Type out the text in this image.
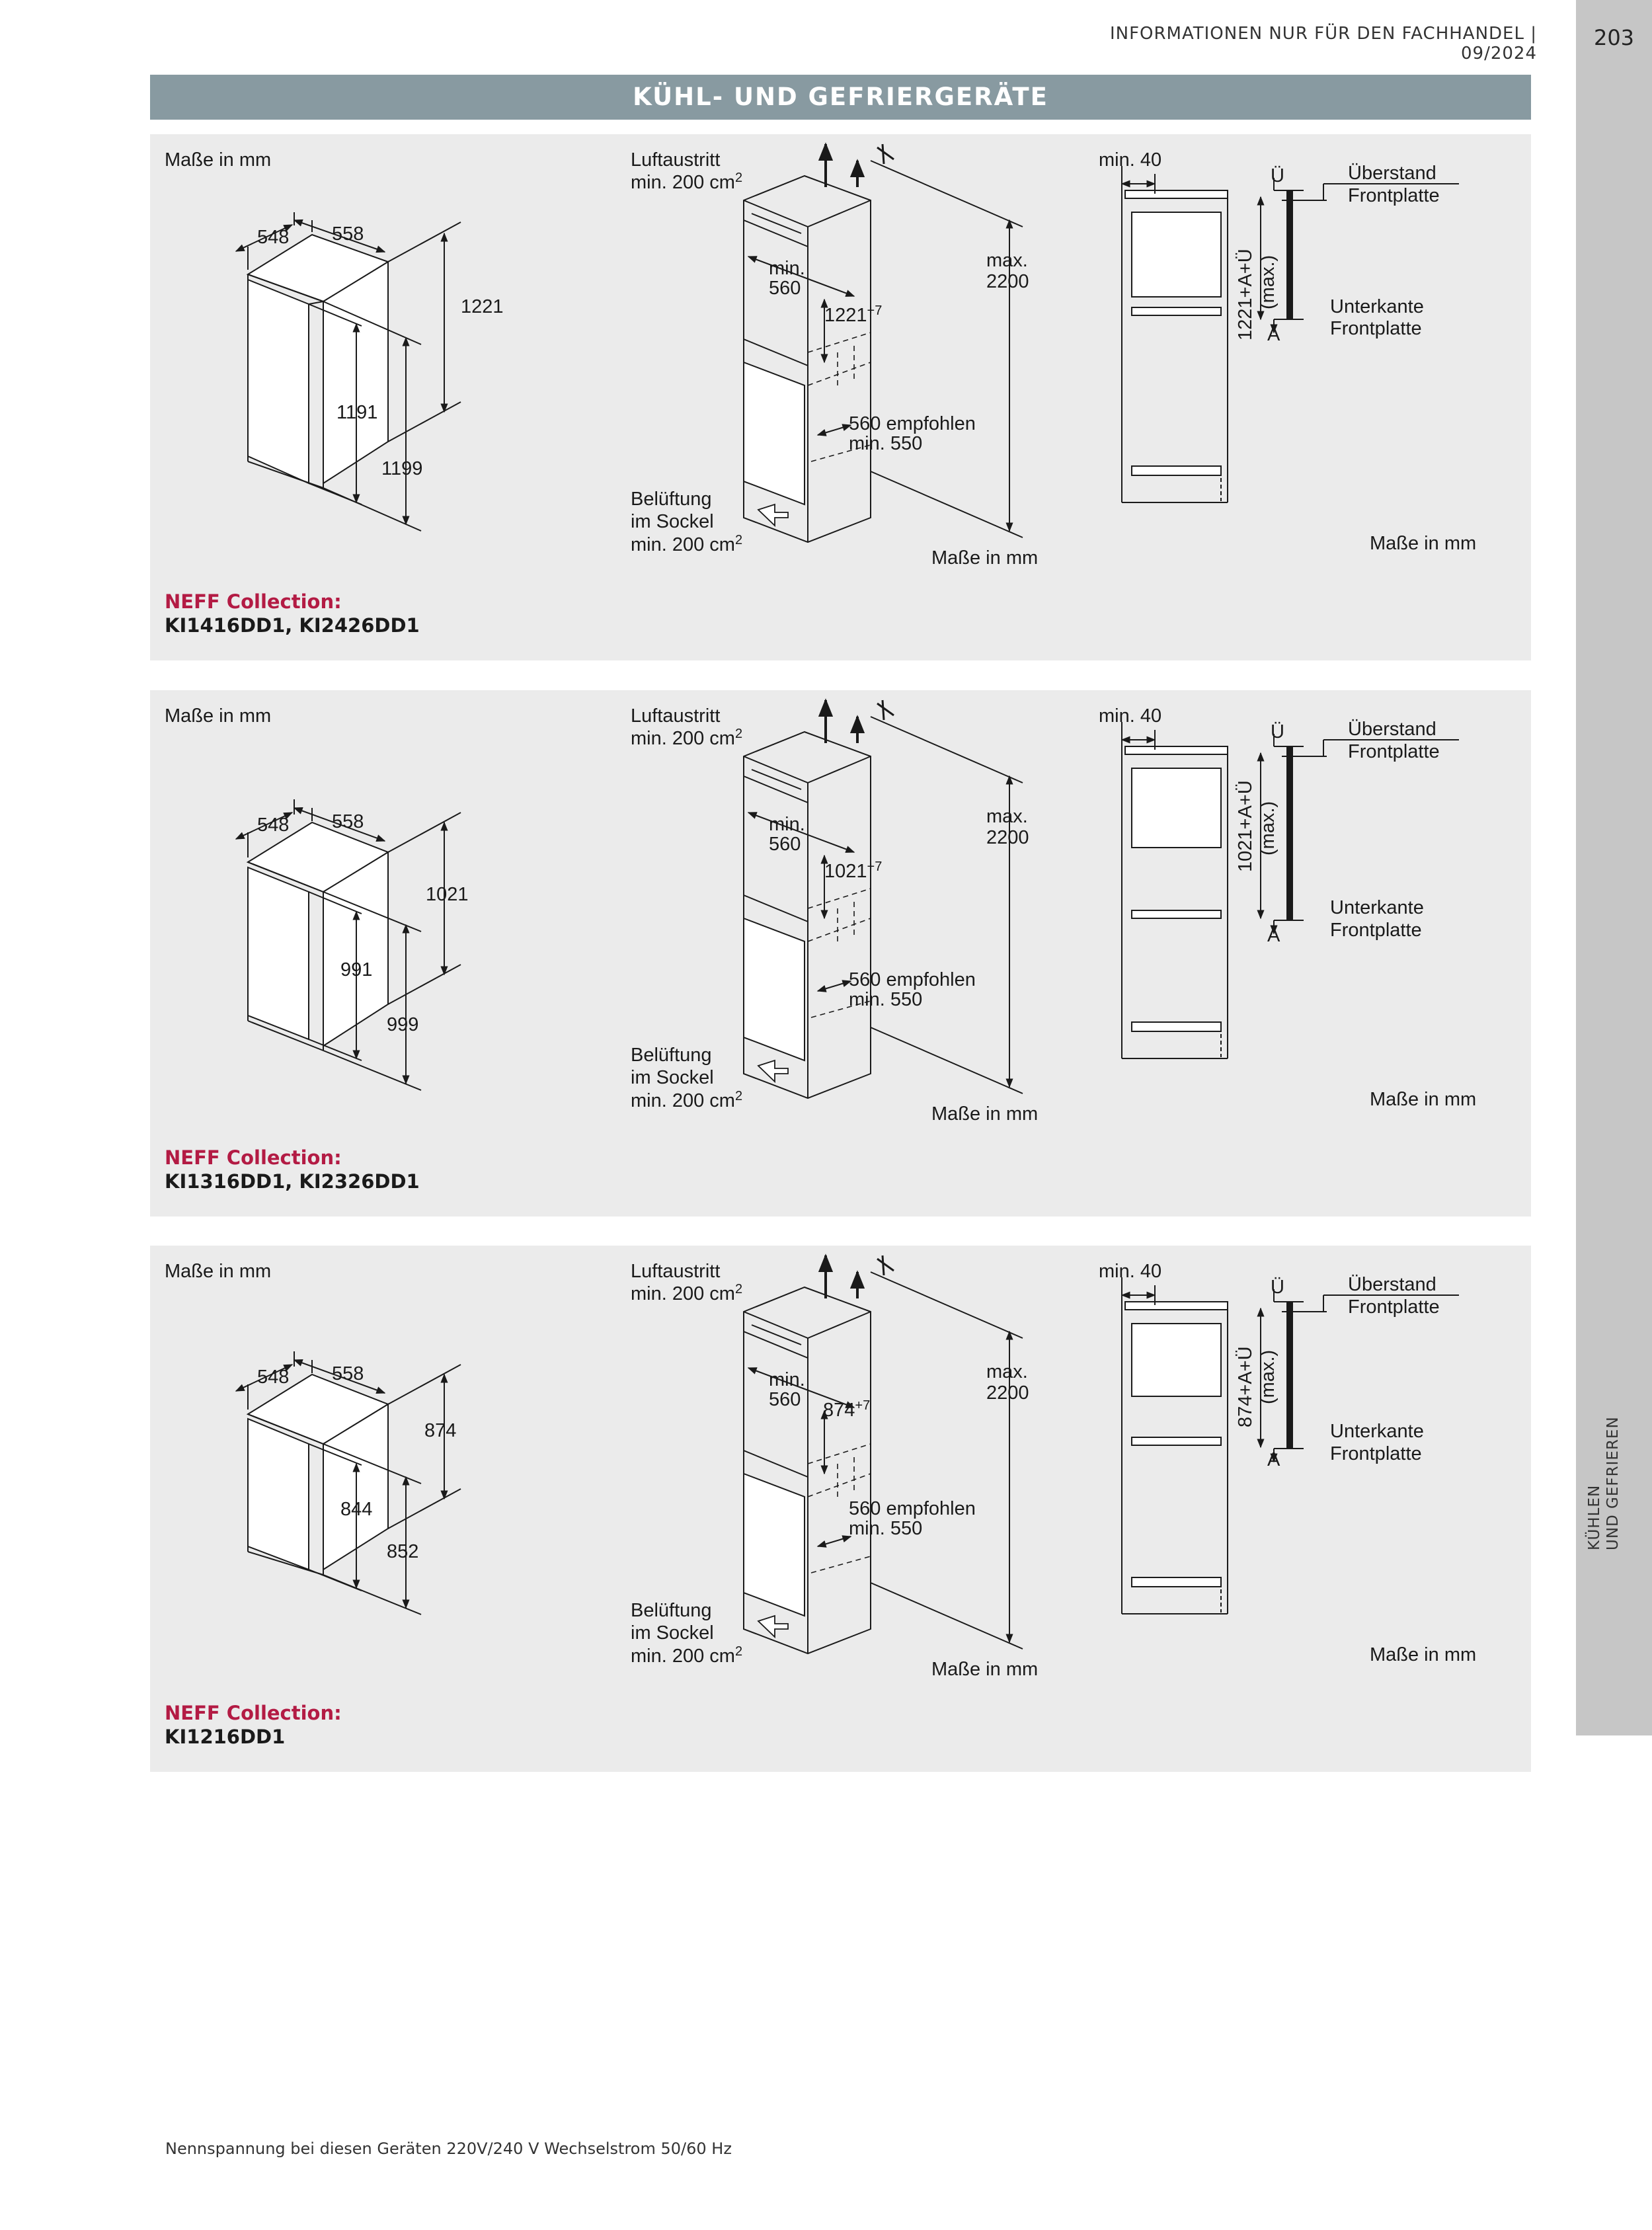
INFORMATIONEN NUR FÜR DEN FACHHANDEL | 09/2024
203
KÜHLEN UND GEFRIEREN
KÜHL- UND GEFRIERGERÄTE
Maße in mm
548 558
1221
1191
1199
Luftaustritt
min. 200 $cm^2$
min.
560
$1221^{+7}$
max.
2200
560 empfohlen
min. 550
Belüftung
im Sockel
min. 200 $cm^2$
Maße in mm
min. 40
Ü	Überstand
Frontplatte
Unterkante
Frontplatte
A
Maße in mm
1221+A+Ü (max.)
NEFF Collection:
KI1416DD1, KI2426DD1
Maße in mm
548 558
1021
991
999
Luftaustritt
min. 200 $cm^2$
min.
560
$1021^{+7}$
max.
2200
560 empfohlen
min. 550
Belüftung
im Sockel
min. 200 $cm^2$
Maße in mm
min. 40
Ü	Überstand
Frontplatte
Unterkante
Frontplatte
A
Maße in mm
1021+A+Ü (max.)
NEFF Collection:
KI1316DD1, KI2326DD1
Maße in mm
548 558
874
844
852
Luftaustritt
min. 200 $cm^2$
min.
560 $874^{+7}$
max.
2200
560 empfohlen
min. 550
Belüftung
im Sockel
min. 200 $cm^2$
Maße in mm
min. 40
Ü	Überstand
Frontplatte
Unterkante
Frontplatte
A
Maße in mm
874+A+Ü (max.)
NEFF Collection:
KI1216DD1
Nennspannung bei diesen Geräten 220V/240 V Wechselstrom 50/60 Hz
